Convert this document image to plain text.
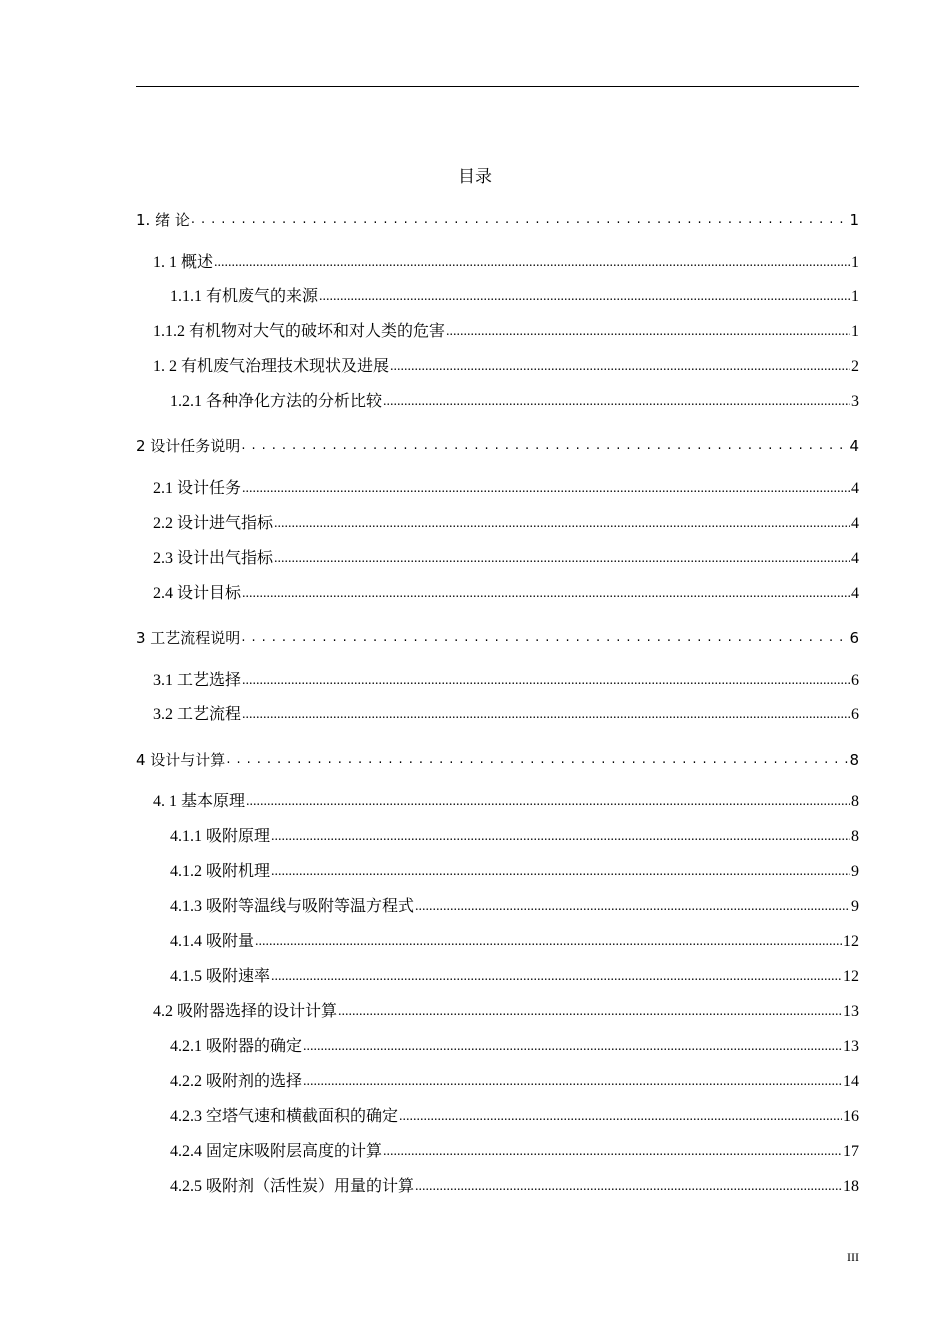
目录
1. 绪 论 .....	1
1. 1 概述 .....	1
1.1.1 有机废气的来源 .....	1
1.1.2 有机物对大气的破坏和对人类的危害 .....	1
1. 2 有机废气治理技术现状及进展 .....	2
1.2.1 各种净化方法的分析比较 .....	3
2 设计任务说明 .....	4
2.1 设计任务 .....	4
2.2 设计进气指标 .....	4
2.3 设计出气指标 .....	4
2.4 设计目标 .....	4
3 工艺流程说明 .....	6
3.1 工艺选择 .....	6
3.2 工艺流程 .....	6
4 设计与计算 .....	8
4. 1 基本原理 .....	8
4.1.1 吸附原理 .....	8
4.1.2 吸附机理 .....	9
4.1.3 吸附等温线与吸附等温方程式 .....	9
4.1.4 吸附量 .....	12
4.1.5 吸附速率 .....	12
4.2 吸附器选择的设计计算 .....	13
4.2.1 吸附器的确定 .....	13
4.2.2 吸附剂的选择 .....	14
4.2.3 空塔气速和横截面积的确定 .....	16
4.2.4 固定床吸附层高度的计算 .....	17
4.2.5 吸附剂（活性炭）用量的计算 .....	18
III
